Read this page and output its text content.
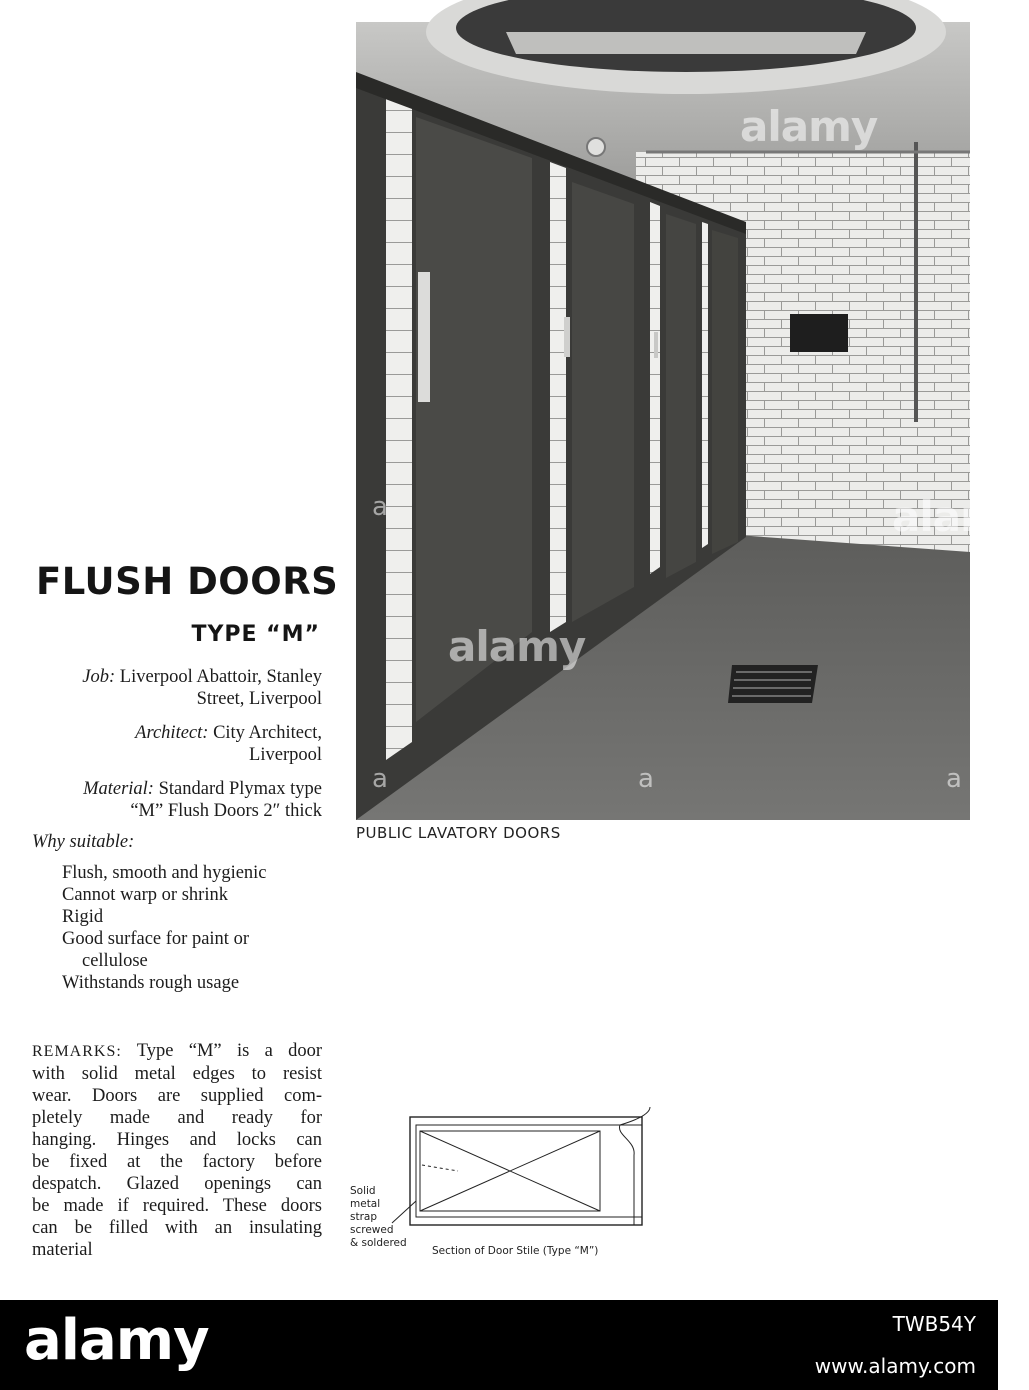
FLUSH DOORS
TYPE “M”
Job: Liverpool Abattoir, Stanley
Street, Liverpool
Architect: City Architect,
Liverpool
Material: Standard Plymax type
“M” Flush Doors 2″ thick
Why suitable:
Flush, smooth and hygienic
Cannot warp or shrink
Rigid
Good surface for paint or
cellulose
Withstands rough usage
REMARKS: Type “M” is a door
with solid metal edges to resist
wear. Doors are supplied com-
pletely made and ready for
hanging. Hinges and locks can
be fixed at the factory before
despatch. Glazed openings can
be made if required. These doors
can be filled with an insulating
material
alamy
alamy
alamy
a	a	a
a
PUBLIC LAVATORY DOORS
Solid
metal
strap
screwed
& soldered
Section of Door Stile (Type “M”)
alamy	TWB54Y
www.alamy.com
